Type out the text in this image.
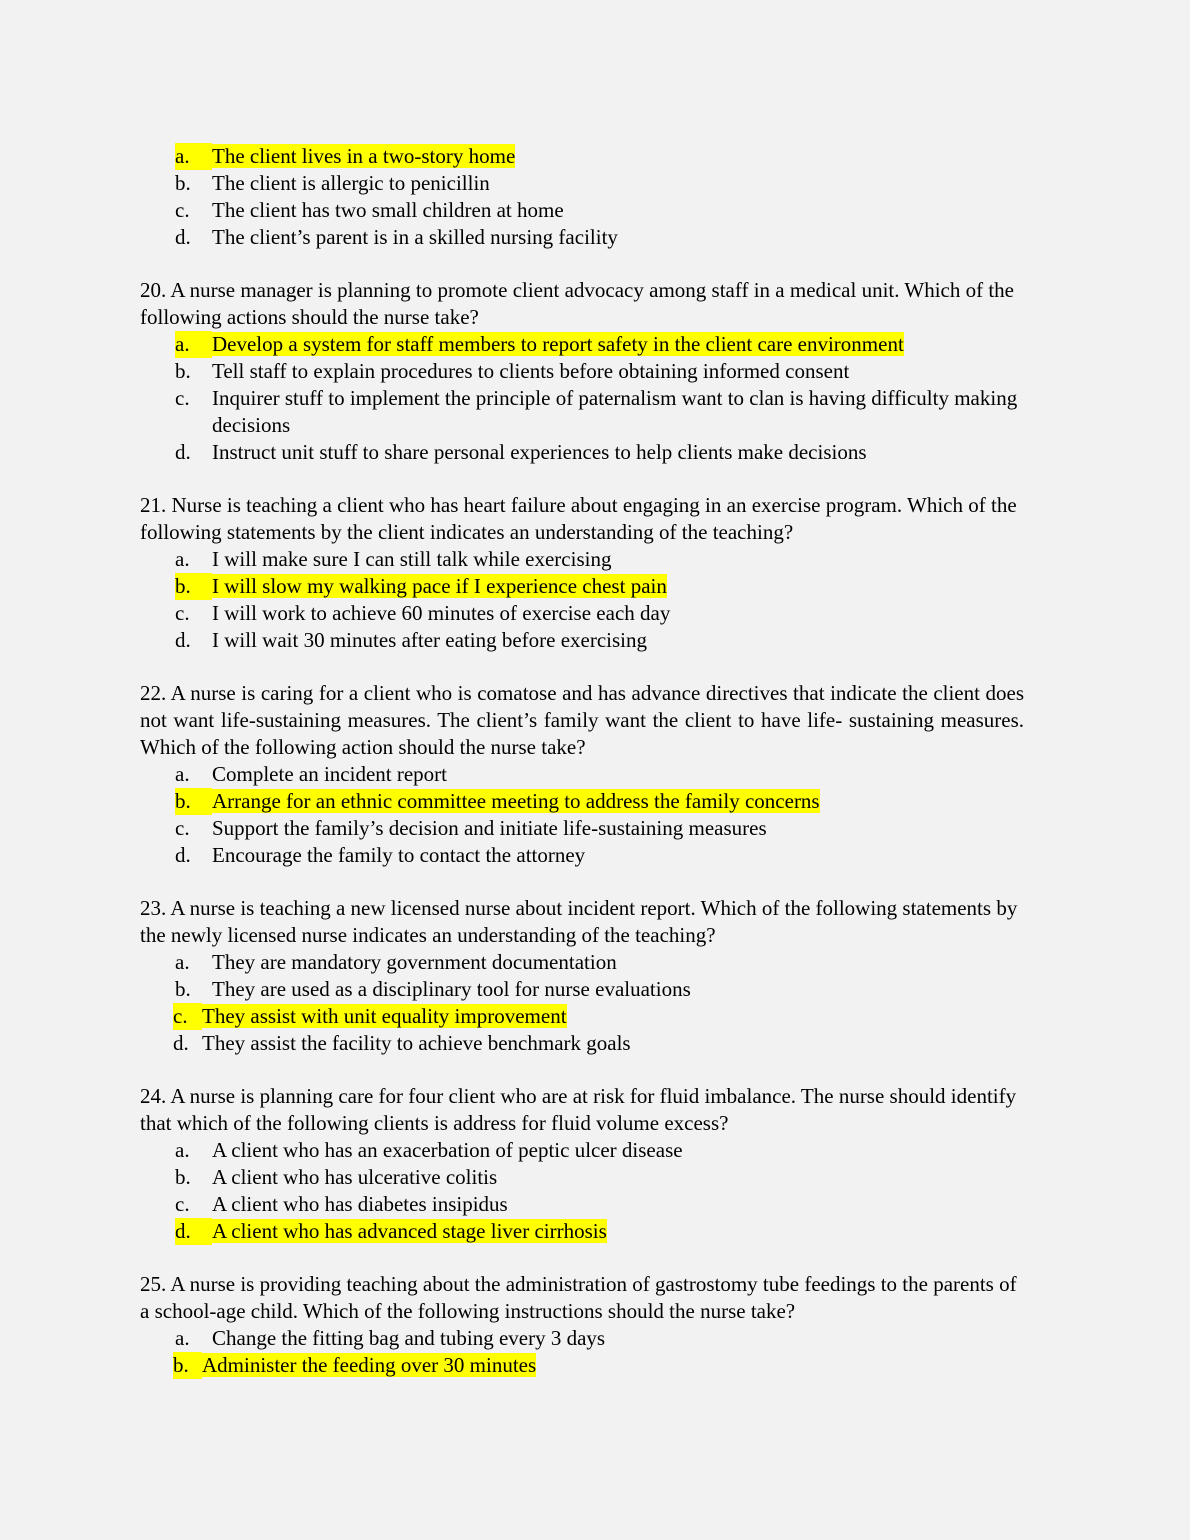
a.	The client lives in a two-story home
b.	The client is allergic to penicillin
c.	The client has two small children at home
d.	The client’s parent is in a skilled nursing facility

20. A nurse manager is planning to promote client advocacy among staff in a medical unit. Which of the following actions should the nurse take?

a.	Develop a system for staff members to report safety in the client care environment
b.	Tell staff to explain procedures to clients before obtaining informed consent
c.	Inquirer stuff to implement the principle of paternalism want to clan is having difficulty making decisions
d.	Instruct unit stuff to share personal experiences to help clients make decisions

21. Nurse is teaching a client who has heart failure about engaging in an exercise program. Which of the following statements by the client indicates an understanding of the teaching?

a.	I will make sure I can still talk while exercising
b.	I will slow my walking pace if I experience chest pain
c.	I will work to achieve 60 minutes of exercise each day
d.	I will wait 30 minutes after eating before exercising

22. A nurse is caring for a client who is comatose and has advance directives that indicate the client does not want life-sustaining measures. The client’s family want the client to have life- sustaining measures. Which of the following action should the nurse take?

a.	Complete an incident report
b.	Arrange for an ethnic committee meeting to address the family concerns
c.	Support the family’s decision and initiate life-sustaining measures
d.	Encourage the family to contact the attorney

23. A nurse is teaching a new licensed nurse about incident report. Which of the following statements by the newly licensed nurse indicates an understanding of the teaching?

a.	They are mandatory government documentation
b.	They are used as a disciplinary tool for nurse evaluations
c. They assist with unit equality improvement
d. They assist the facility to achieve benchmark goals

24. A nurse is planning care for four client who are at risk for fluid imbalance. The nurse should identify that which of the following clients is address for fluid volume excess?

a.	A client who has an exacerbation of peptic ulcer disease
b.	A client who has ulcerative colitis
c.	A client who has diabetes insipidus
d.	A client who has advanced stage liver cirrhosis

25. A nurse is providing teaching about the administration of gastrostomy tube feedings to the parents of a school-age child. Which of the following instructions should the nurse take?

a.	Change the fitting bag and tubing every 3 days
b. Administer the feeding over 30 minutes
